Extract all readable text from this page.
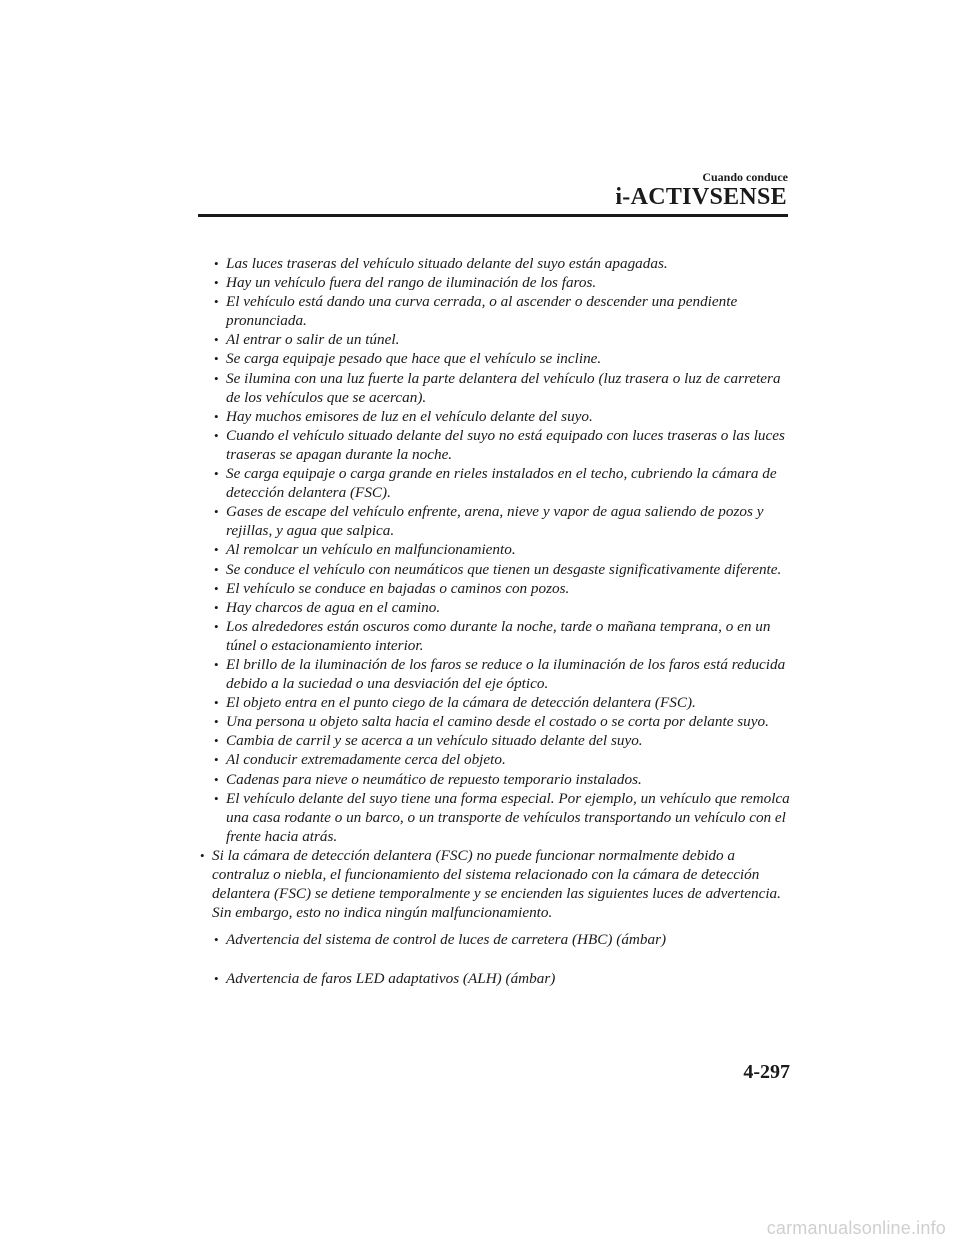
Cuando conduce
i-ACTIVSENSE
• Las luces traseras del vehículo situado delante del suyo están apagadas.
• Hay un vehículo fuera del rango de iluminación de los faros.
• El vehículo está dando una curva cerrada, o al ascender o descender una pendiente pronunciada.
• Al entrar o salir de un túnel.
• Se carga equipaje pesado que hace que el vehículo se incline.
• Se ilumina con una luz fuerte la parte delantera del vehículo (luz trasera o luz de carretera de los vehículos que se acercan).
• Hay muchos emisores de luz en el vehículo delante del suyo.
• Cuando el vehículo situado delante del suyo no está equipado con luces traseras o las luces traseras se apagan durante la noche.
• Se carga equipaje o carga grande en rieles instalados en el techo, cubriendo la cámara de detección delantera (FSC).
• Gases de escape del vehículo enfrente, arena, nieve y vapor de agua saliendo de pozos y rejillas, y agua que salpica.
• Al remolcar un vehículo en malfuncionamiento.
• Se conduce el vehículo con neumáticos que tienen un desgaste significativamente diferente.
• El vehículo se conduce en bajadas o caminos con pozos.
• Hay charcos de agua en el camino.
• Los alrededores están oscuros como durante la noche, tarde o mañana temprana, o en un túnel o estacionamiento interior.
• El brillo de la iluminación de los faros se reduce o la iluminación de los faros está reducida debido a la suciedad o una desviación del eje óptico.
• El objeto entra en el punto ciego de la cámara de detección delantera (FSC).
• Una persona u objeto salta hacia el camino desde el costado o se corta por delante suyo.
• Cambia de carril y se acerca a un vehículo situado delante del suyo.
• Al conducir extremadamente cerca del objeto.
• Cadenas para nieve o neumático de repuesto temporario instalados.
• El vehículo delante del suyo tiene una forma especial. Por ejemplo, un vehículo que remolca una casa rodante o un barco, o un transporte de vehículos transportando un vehículo con el frente hacia atrás.
• Si la cámara de detección delantera (FSC) no puede funcionar normalmente debido a contraluz o niebla, el funcionamiento del sistema relacionado con la cámara de detección delantera (FSC) se detiene temporalmente y se encienden las siguientes luces de advertencia. Sin embargo, esto no indica ningún malfuncionamiento.
• Advertencia del sistema de control de luces de carretera (HBC) (ámbar)
• Advertencia de faros LED adaptativos (ALH) (ámbar)
4-297
carmanualsonline.info
